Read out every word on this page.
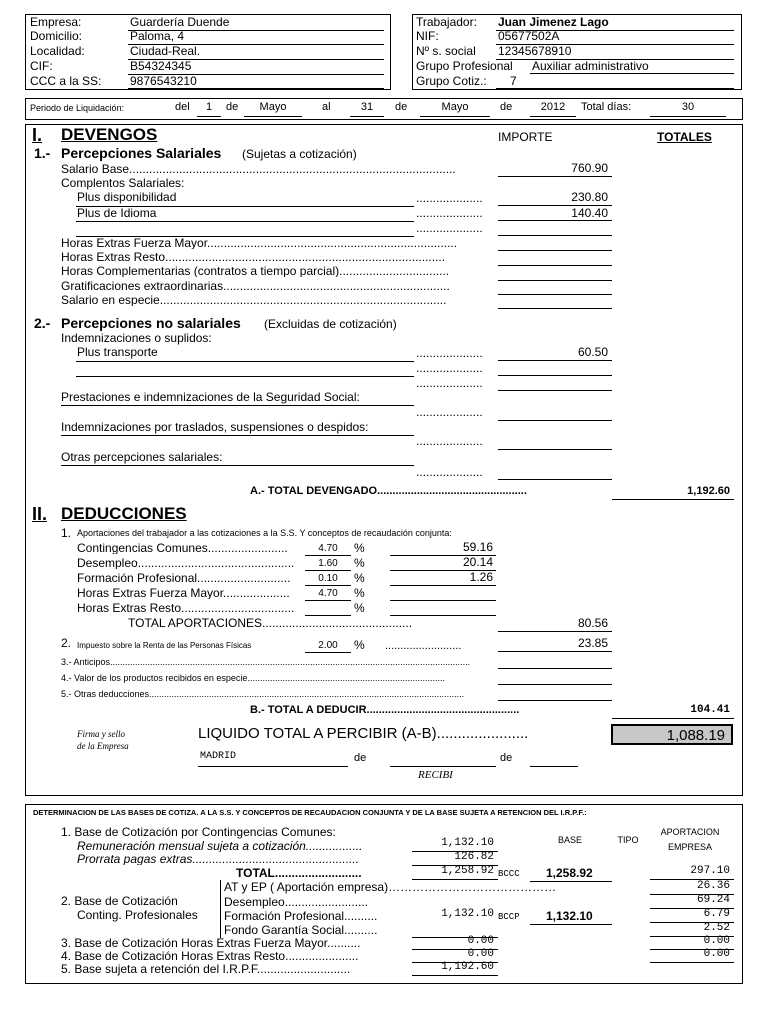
Empresa:	Guardería Duende
Domicilio:	Paloma, 4
Localidad:	Ciudad-Real.
CIF:	B54324345
CCC a la SS: 9876543210
Trabajador: Juan Jimenez Lago
NIF:	05677502A
Nº s. social 12345678910
Grupo Profesional Auxiliar administrativo
Grupo Cotiz.: 7
Periodo de Liquidación:	del	1	de	Mayo	al	31	de	Mayo	de	2012	Total días:	30
I. DEVENGOS	IMPORTE	TOTALES
1.- Percepciones Salariales (Sujetas a cotización)
Salario Base..................................................................................................	760.90
Complentos Salariales:
Plus disponibilidad	....................	230.80
Plus de Idioma	....................	140.40
....................
Horas Extras Fuerza Mayor...........................................................................
Horas Extras Resto....................................................................................
Horas Complementarias (contratos a tiempo parcial).................................
Gratificaciones extraordinarias....................................................................
Salario en especie......................................................................................
2.- Percepciones no salariales (Excluidas de cotización)
Indemnizaciones o suplidos:
Plus transporte	....................	60.50
....................
....................
Prestaciones e indemnizaciones de la Seguridad Social:
....................
Indemnizaciones por traslados, suspensiones o despidos:
....................
Otras percepciones salariales:
....................
A.- TOTAL DEVENGADO.................................................	1,192.60
II. DEDUCCIONES
1. Aportaciones del trabajador a las cotizaciones a la S.S. Y conceptos de recaudación conjunta:
Contingencias Comunes........................	4.70	%	59.16
Desempleo...............................................	1.60	%	20.14
Formación Profesional............................	0.10	%	1.26
Horas Extras Fuerza Mayor....................	4.70	%
Horas Extras Resto..................................	%
TOTAL APORTACIONES.............................................	80.56
2. Impuesto sobre la Renta de las Personas Físicas	2.00	% .........................	23.85
3.- Anticipos................................................................................................................................................
4.- Valor de los productos recibidos en especie...............................................................................
5.- Otras deducciones..............................................................................................................................
B.- TOTAL A DEDUCIR..................................................	104.41
Firma y sello
de la Empresa
LIQUIDO TOTAL A PERCIBIR (A-B)......................	1,088.19
MADRID	de	de
RECIBI
DETERMINACION DE LAS BASES DE COTIZA. A LA S.S. Y CONCEPTOS DE RECAUDACION CONJUNTA Y DE LA BASE SUJETA A RETENCION DEL I.R.P.F.:
1. Base de Cotización por Contingencias Comunes:
BASE	TIPO
APORTACION
EMPRESA
Remuneración mensual sujeta a cotización.................	1,132.10
Prorrata pagas extras..................................................	126.82
TOTAL..........................	1,258.92 BCCC 1,258.92	297.10
AT y EP ( Aportación empresa)……………………………………	26.36
2. Base de Cotización
Conting. Profesionales
Desempleo.........................	69.24
Formación Profesional..........	1,132.10 BCCP 1,132.10	6.79
Fondo Garantía Social..........	2.52
3. Base de Cotización Horas Extras Fuerza Mayor..........	0.00	0.00
4. Base de Cotización Horas Extras Resto......................	0.00	0.00
5. Base sujeta a retención del I.R.P.F............................	1,192.60
